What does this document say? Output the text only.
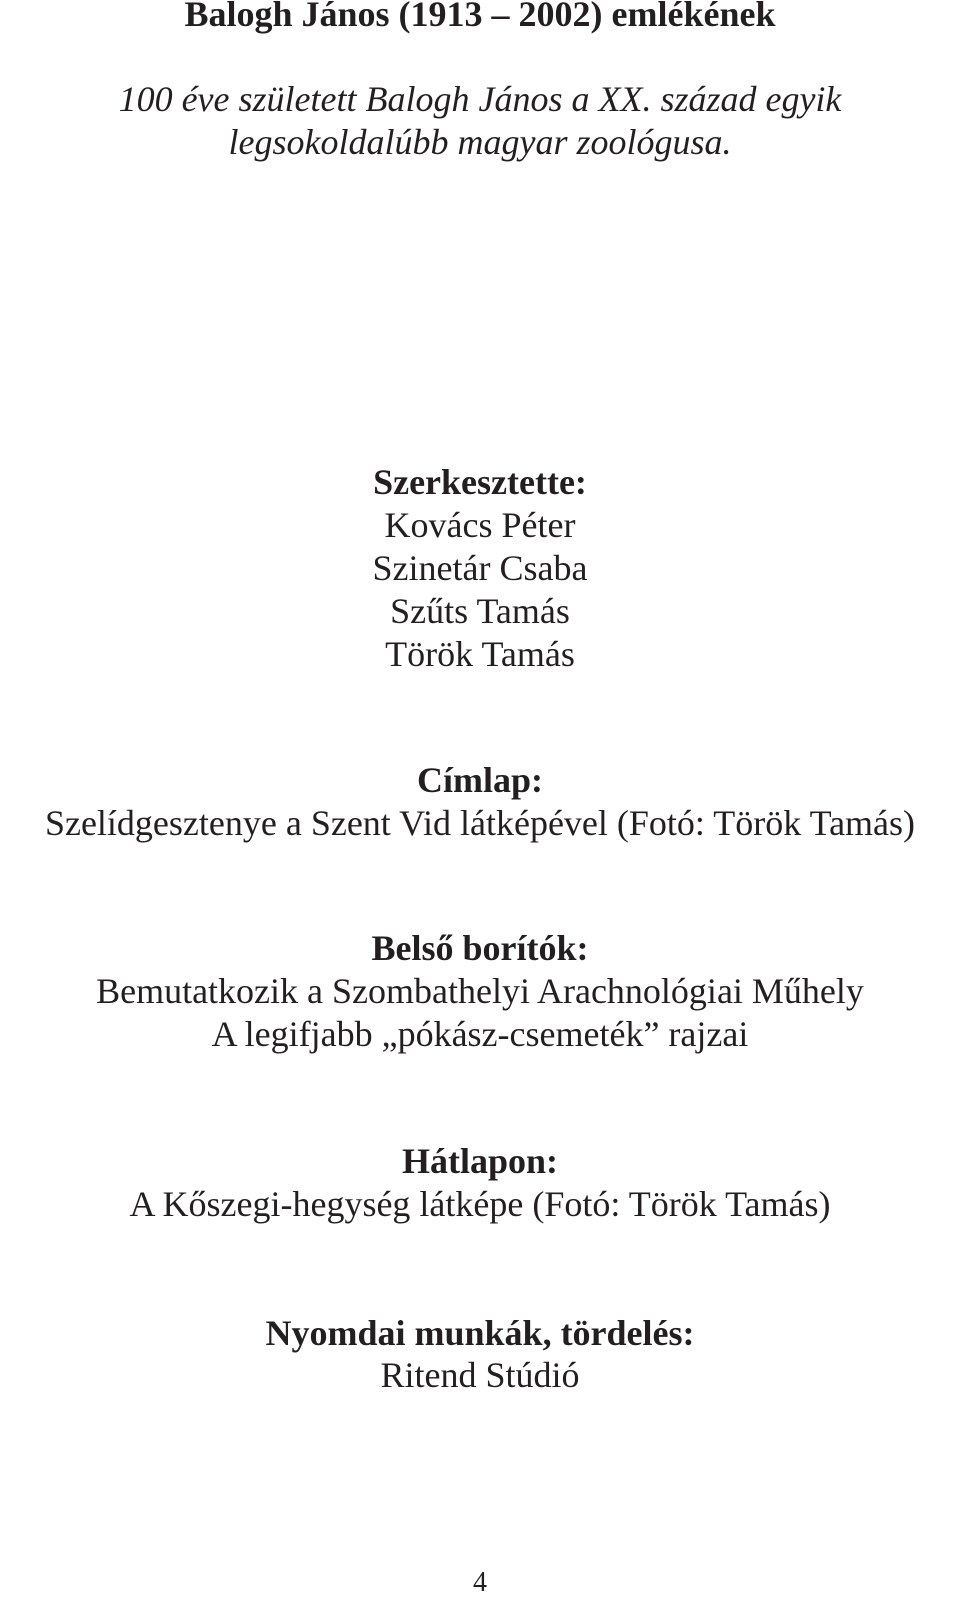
Balogh János (1913 – 2002) emlékének
100 éve született Balogh János a XX. század egyik
legsokoldalúbb magyar zoológusa.
Szerkesztette:
Kovács Péter
Szinetár Csaba
Szűts Tamás
Török Tamás
Címlap:
Szelídgesztenye a Szent Vid látképével (Fotó: Török Tamás)
Belső borítók:
Bemutatkozik a Szombathelyi Arachnológiai Műhely
A legifjabb „pókász-csemeték” rajzai
Hátlapon:
A Kőszegi-hegység látképe (Fotó: Török Tamás)
Nyomdai munkák, tördelés:
Ritend Stúdió
4
